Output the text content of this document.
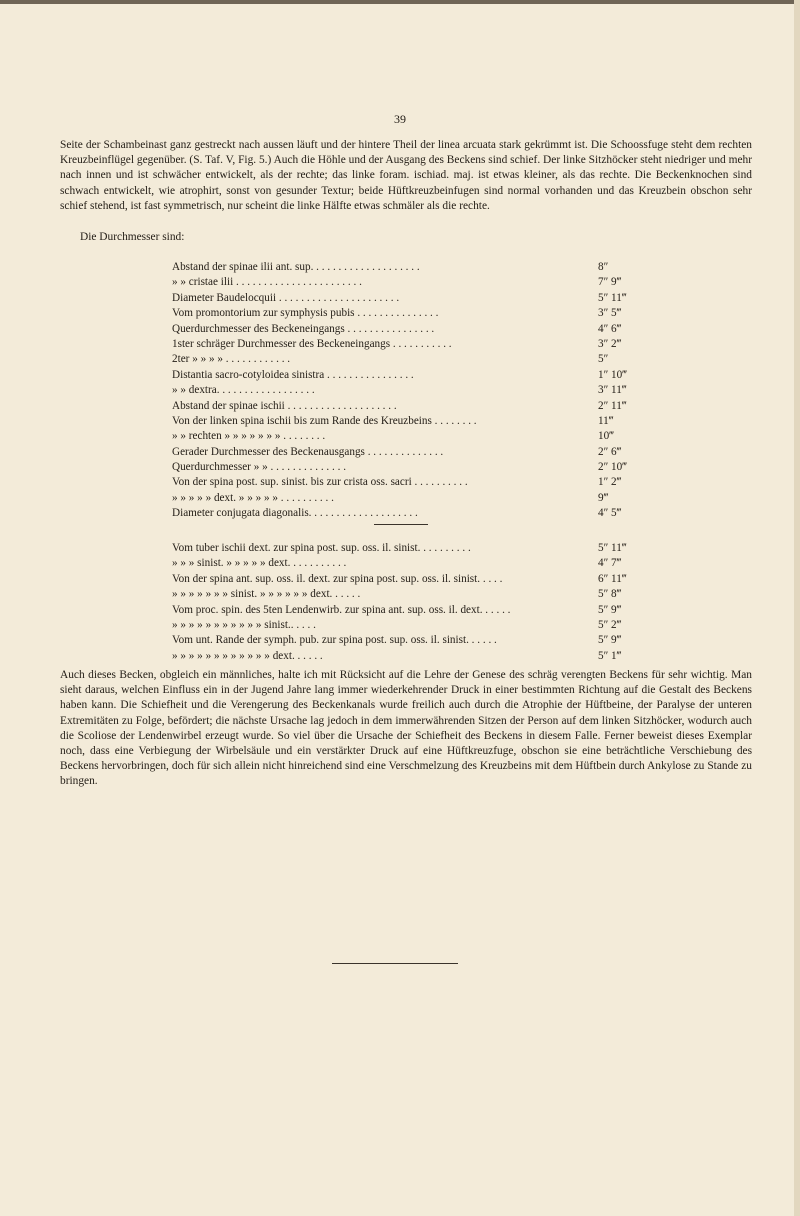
39

Seite der Schambeinast ganz gestreckt nach aussen läuft und der hintere Theil der linea arcuata stark gekrümmt ist. Die Schoossfuge steht dem rechten Kreuzbeinflügel gegenüber. (S. Taf. V, Fig. 5.) Auch die Höhle und der Ausgang des Beckens sind schief. Der linke Sitzhöcker steht niedriger und mehr nach innen und ist schwächer entwickelt, als der rechte; das linke foram. ischiad. maj. ist etwas kleiner, als das rechte. Die Beckenknochen sind schwach entwickelt, wie atrophirt, sonst von gesunder Textur; beide Hüftkreuzbeinfugen sind normal vorhanden und das Kreuzbein obschon sehr schief stehend, ist fast symmetrisch, nur scheint die linke Hälfte etwas schmäler als die rechte.

Die Durchmesser sind:
Abstand der spinae ilii ant. sup. . . . . . . . . . . . . . . . . . . .	8″
» » cristae ilii . . . . . . . . . . . . . . . . . . . . . . .	7″ 9‴
Diameter Baudelocquii . . . . . . . . . . . . . . . . . . . . . .	5″ 11‴
Vom promontorium zur symphysis pubis . . . . . . . . . . . . . . .	3″ 5‴
Querdurchmesser des Beckeneingangs . . . . . . . . . . . . . . . .	4″ 6‴
1ster schräger Durchmesser des Beckeneingangs . . . . . . . . . . .	3″ 2‴
2ter » » » » . . . . . . . . . . . .	5″
Distantia sacro-cotyloidea sinistra . . . . . . . . . . . . . . . .	1″ 10‴
» » dextra. . . . . . . . . . . . . . . . . .	3″ 11‴
Abstand der spinae ischii . . . . . . . . . . . . . . . . . . . .	2″ 11‴
Von der linken spina ischii bis zum Rande des Kreuzbeins . . . . . . . .	11‴
» » rechten » » » » » » » . . . . . . . .	10‴
Gerader Durchmesser des Beckenausgangs . . . . . . . . . . . . . .	2″ 6‴
Querdurchmesser » » . . . . . . . . . . . . . .	2″ 10‴
Von der spina post. sup. sinist. bis zur crista oss. sacri . . . . . . . . . .	1″ 2‴
» » » » » dext. » » » » » . . . . . . . . . .	9‴
Diameter conjugata diagonalis. . . . . . . . . . . . . . . . . . . .	4″ 5‴
Vom tuber ischii dext. zur spina post. sup. oss. il. sinist. . . . . . . . . .	5″ 11‴
» » » sinist. » » » » » dext. . . . . . . . . . .	4″ 7‴
Von der spina ant. sup. oss. il. dext. zur spina post. sup. oss. il. sinist. . . . .	6″ 11‴
» » » » » » » sinist. » » » » » » dext. . . . . .	5″ 8‴
Vom proc. spin. des 5ten Lendenwirb. zur spina ant. sup. oss. il. dext. . . . . .	5″ 9‴
» » » » » » » » » » » sinist.. . . . .	5″ 2‴
Vom unt. Rande der symph. pub. zur spina post. sup. oss. il. sinist. . . . . .	5″ 9‴
» » » » » » » » » » » » dext. . . . . .	5″ 1‴

Auch dieses Becken, obgleich ein männliches, halte ich mit Rücksicht auf die Lehre der Genese des schräg verengten Beckens für sehr wichtig. Man sieht daraus, welchen Einfluss ein in der Jugend Jahre lang immer wiederkehrender Druck in einer bestimmten Richtung auf die Gestalt des Beckens haben kann. Die Schiefheit und die Verengerung des Beckenkanals wurde freilich auch durch die Atrophie der Hüftbeine, der Paralyse der unteren Extremitäten zu Folge, befördert; die nächste Ursache lag jedoch in dem immerwährenden Sitzen der Person auf dem linken Sitzhöcker, wodurch auch die Scoliose der Lendenwirbel erzeugt wurde. So viel über die Ursache der Schiefheit des Beckens in diesem Falle. Ferner beweist dieses Exemplar noch, dass eine Verbiegung der Wirbelsäule und ein verstärkter Druck auf eine Hüftkreuzfuge, obschon sie eine beträchtliche Verschiebung des Beckens hervorbringen, doch für sich allein nicht hinreichend sind eine Verschmelzung des Kreuzbeins mit dem Hüftbein durch Ankylose zu Stande zu bringen.
